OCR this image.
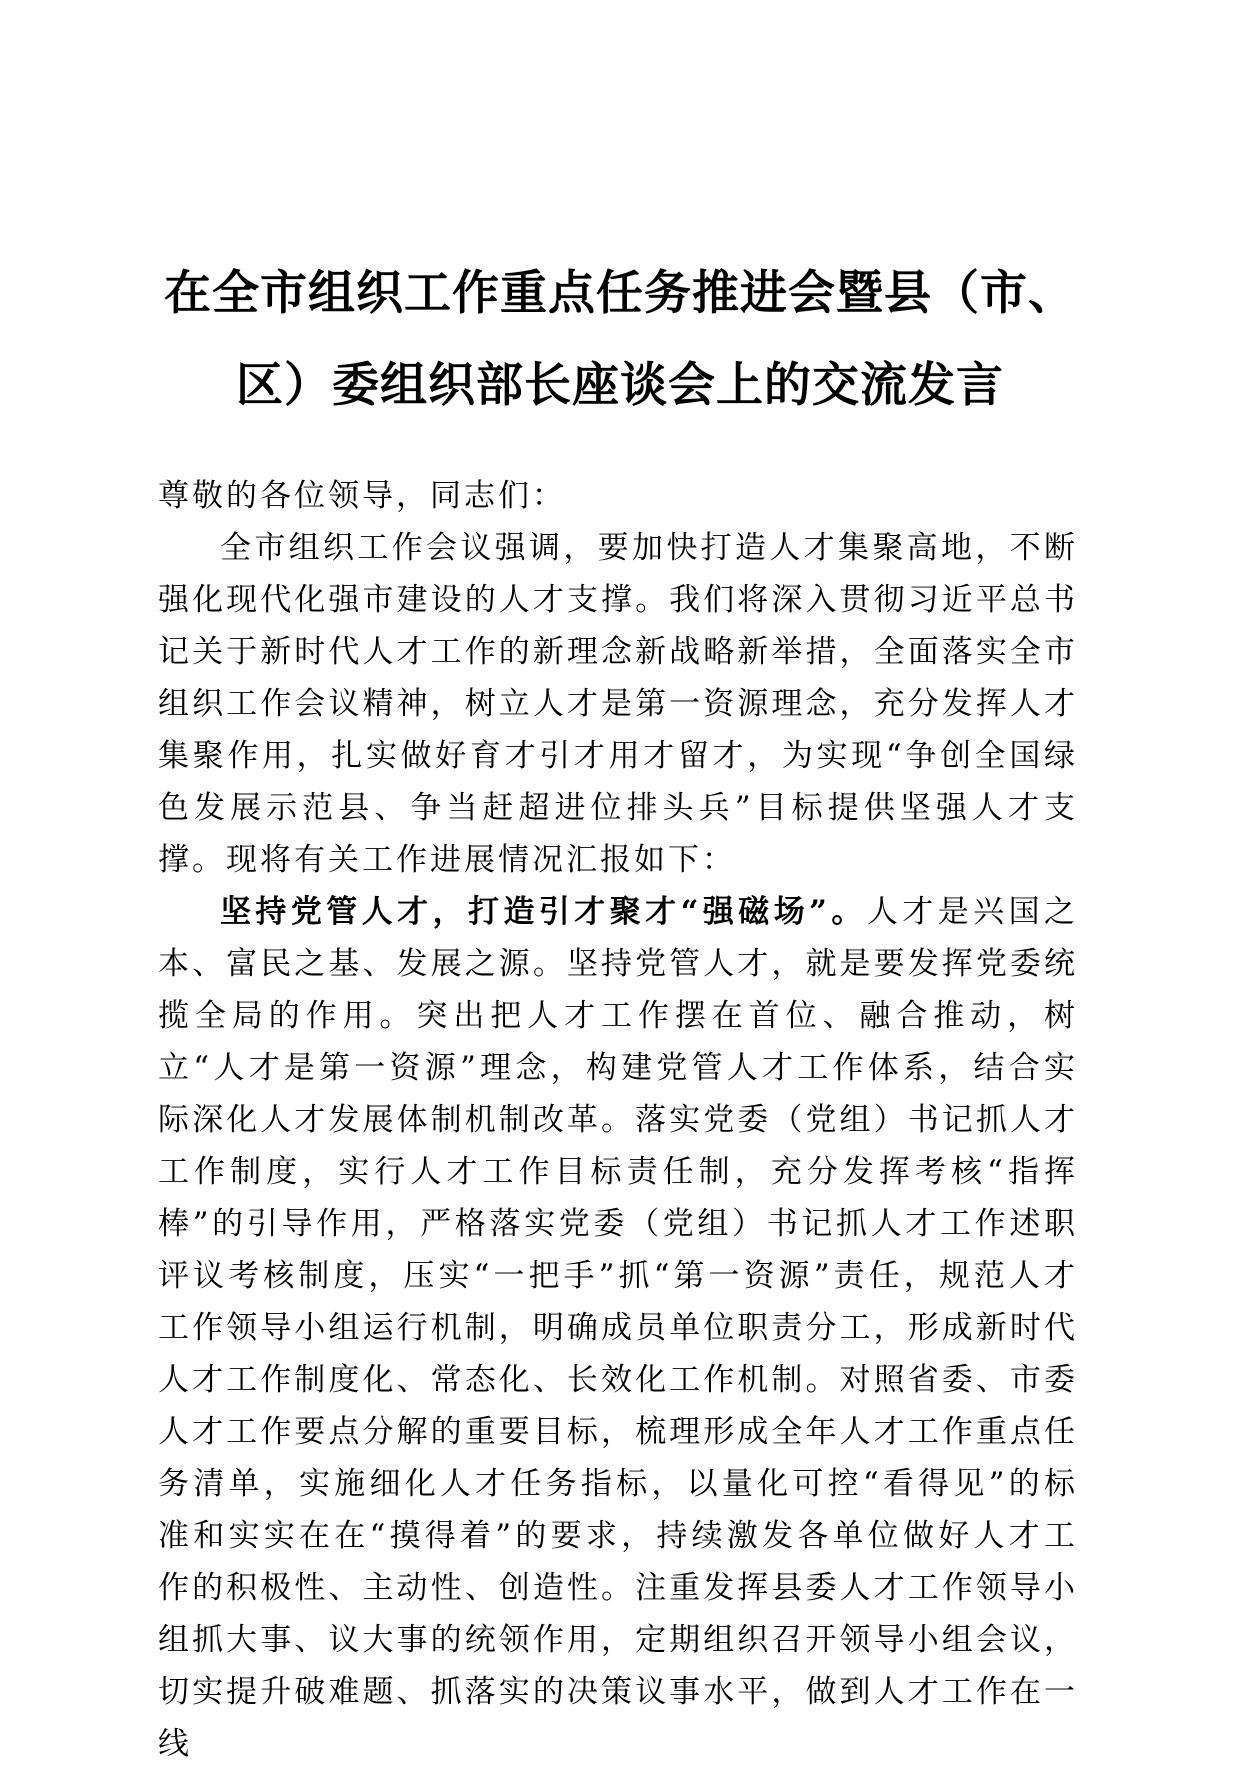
在全市组织工作重点任务推进会暨县（市、
区）委组织部长座谈会上的交流发言

尊敬的各位领导，同志们：

全市组织工作会议强调，要加快打造人才集聚高地，不断强化现代化强市建设的人才支撑。我们将深入贯彻习近平总书记关于新时代人才工作的新理念新战略新举措，全面落实全市组织工作会议精神，树立人才是第一资源理念，充分发挥人才集聚作用，扎实做好育才引才用才留才，为实现“争创全国绿色发展示范县、争当赶超进位排头兵”目标提供坚强人才支撑。现将有关工作进展情况汇报如下：

坚持党管人才，打造引才聚才“强磁场”。人才是兴国之本、富民之基、发展之源。坚持党管人才，就是要发挥党委统揽全局的作用。突出把人才工作摆在首位、融合推动，树立“人才是第一资源”理念，构建党管人才工作体系，结合实际深化人才发展体制机制改革。落实党委（党组）书记抓人才工作制度，实行人才工作目标责任制，充分发挥考核“指挥棒”的引导作用，严格落实党委（党组）书记抓人才工作述职评议考核制度，压实“一把手”抓“第一资源”责任，规范人才工作领导小组运行机制，明确成员单位职责分工，形成新时代人才工作制度化、常态化、长效化工作机制。对照省委、市委人才工作要点分解的重要目标，梳理形成全年人才工作重点任务清单，实施细化人才任务指标，以量化可控“看得见”的标准和实实在在“摸得着”的要求，持续激发各单位做好人才工作的积极性、主动性、创造性。注重发挥县委人才工作领导小组抓大事、议大事的统领作用，定期组织召开领导小组会议，切实提升破难题、抓落实的决策议事水平，做到人才工作在一线
